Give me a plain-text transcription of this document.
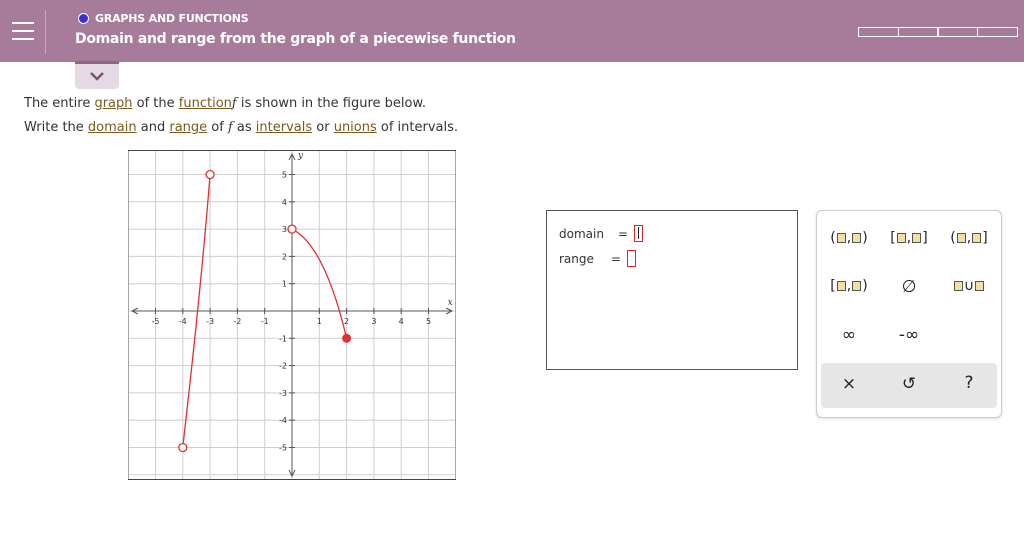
GRAPHS AND FUNCTIONS
Domain and range from the graph of a piecewise function
The entire graph of the functionf is shown in the figure below.
Write the domain and range of f as intervals or unions of intervals.
x
y
-5 -4 -3 -2 -1	1	2	3	4	5
5
4
3
2
1
-1
-2
-3
-4
-5
domain =
range =
( , )	[ , ]	( , ]
[ , )	∅	∪
∞	-∞
×	↺	?
